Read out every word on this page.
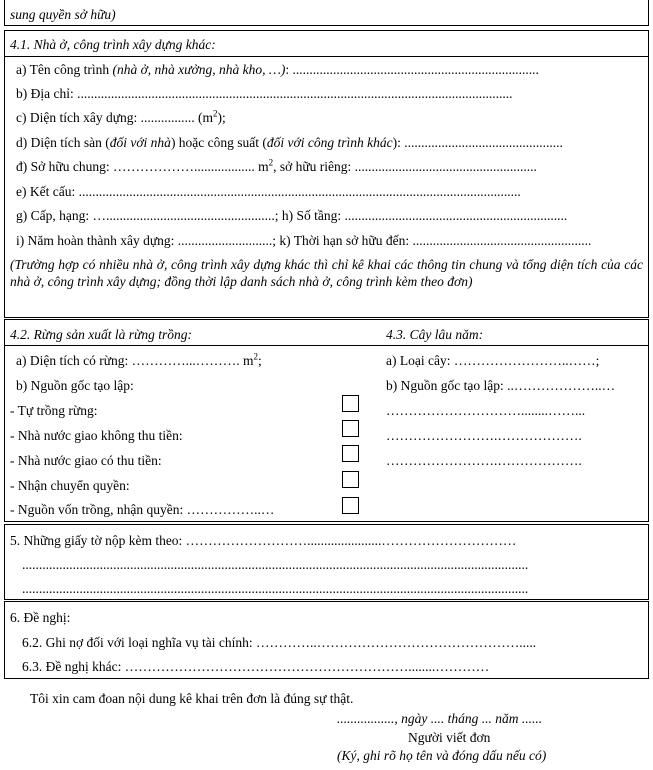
sung quyền sở hữu)
4.1. Nhà ở, công trình xây dựng khác:
a) Tên công trình (nhà ở, nhà xưởng, nhà kho, …): .........................................................................
b) Địa chỉ: .................................................................................................................................
c) Diện tích xây dựng: ................ $(m^2)$;
d) Diện tích sàn (đối với nhà) hoặc công suất (đối với công trình khác): ...............................................
đ) Sở hữu chung: ……………….................. $m^2$, sở hữu riêng: ......................................................
e) Kết cấu: ...................................................................................................................................
g) Cấp, hạng: …..................................................; h) Số tầng: ..................................................................
i) Năm hoàn thành xây dựng: ............................; k) Thời hạn sở hữu đến: .....................................................
(Trường hợp có nhiều nhà ở, công trình xây dựng khác thì chỉ kê khai các thông tin chung và tổng diện tích của các nhà ở, công trình xây dựng; đồng thời lập danh sách nhà ở, công trình kèm theo đơn)
4.2. Rừng sản xuất là rừng trồng:	4.3. Cây lâu năm:
a) Diện tích có rừng: …………...………. $m^2$;
b) Nguồn gốc tạo lập:
- Tự trồng rừng:
- Nhà nước giao không thu tiền:
- Nhà nước giao có thu tiền:
- Nhận chuyển quyền:
- Nguồn vốn trồng, nhận quyền: ……………..…
a) Loại cây: ……………………..……;
b) Nguồn gốc tạo lập: ..………………..…
…………………………........……...
…………………….……………….
…………………….……………….
5. Những giấy tờ nộp kèm theo: ………………………......................…………………………
......................................................................................................................................................
......................................................................................................................................................
6. Đề nghị:
6.2. Ghi nợ đối với loại nghĩa vụ tài chính: …………..……………………………………….....
6.3. Đề nghị khác: ………………………………………………………........…………
Tôi xin cam đoan nội dung kê khai trên đơn là đúng sự thật.
................., ngày .... tháng ... năm ......
Người viết đơn
(Ký, ghi rõ họ tên và đóng dấu nếu có)
